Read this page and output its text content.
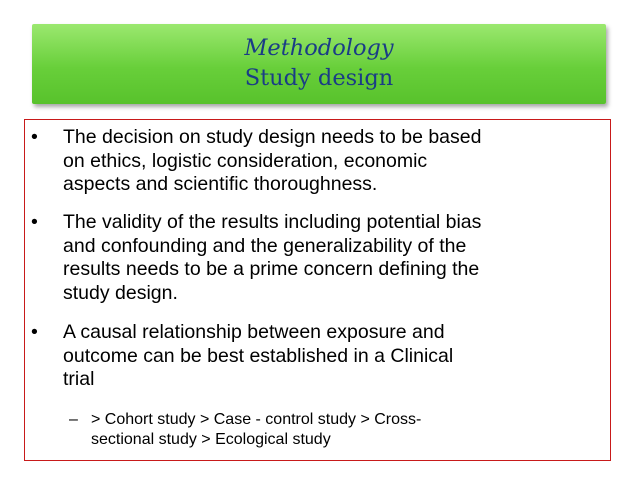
Methodology
Study design
• The decision on study design needs to be based
on ethics, logistic consideration, economic
aspects and scientific thoroughness.
• The validity of the results including potential bias
and confounding and the generalizability of the
results needs to be a prime concern defining the
study design.
• A causal relationship between exposure and
outcome can be best established in a Clinical
trial
– > Cohort study > Case - control study > Cross-
sectional study > Ecological study
